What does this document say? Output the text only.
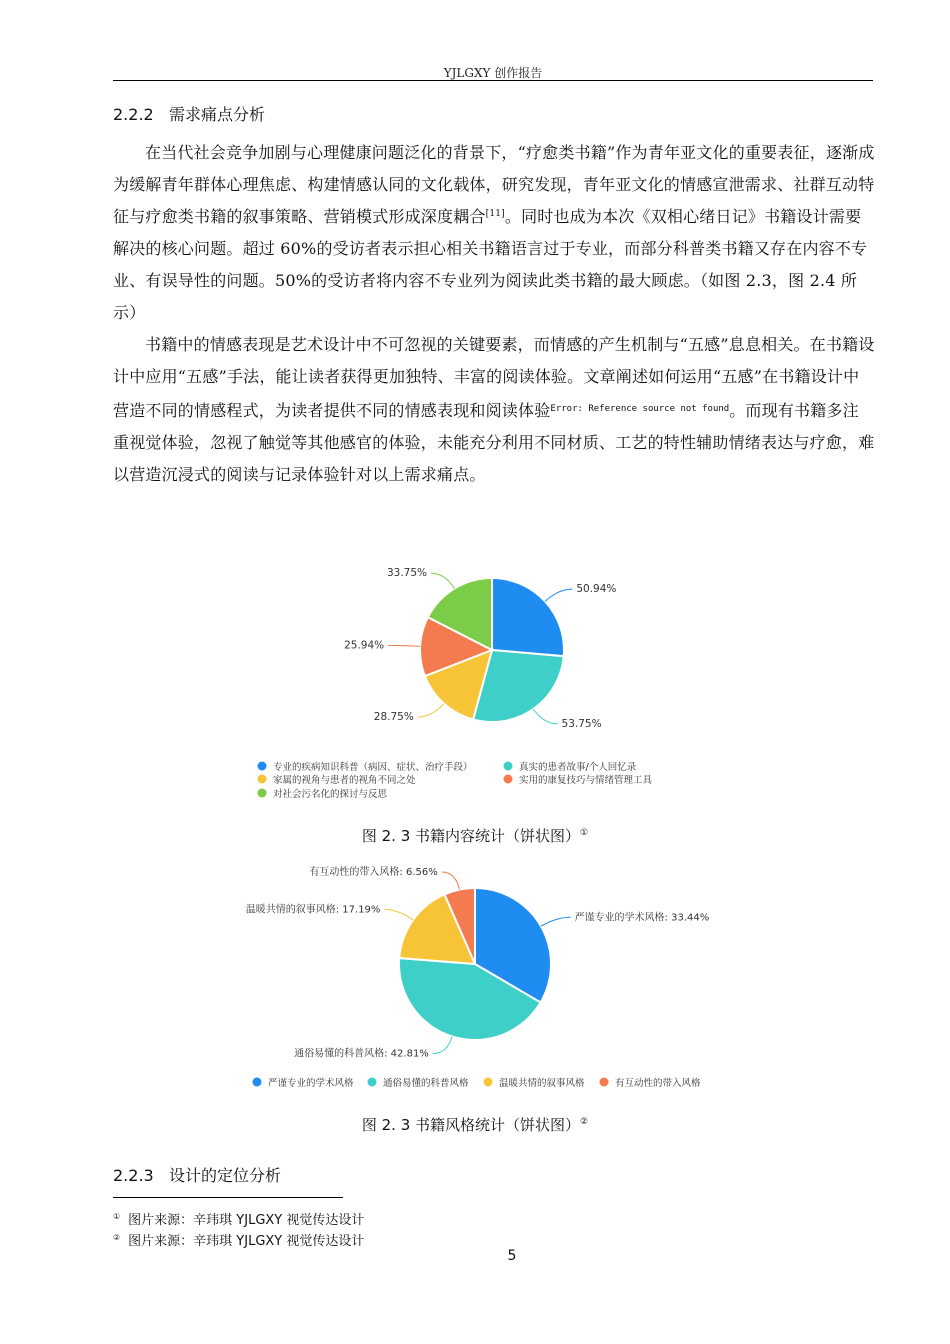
YJLGXY 创作报告
2.2.2 需求痛点分析

在当代社会竞争加剧与心理健康问题泛化的背景下，“疗愈类书籍”作为青年亚文化的重要表征，逐渐成为缓解青年群体心理焦虑、构建情感认同的文化载体，研究发现，青年亚文化的情感宣泄需求、社群互动特征与疗愈类书籍的叙事策略、营销模式形成深度耦合[11]。同时也成为本次《双相心绪日记》书籍设计需要解决的核心问题。超过 60%的受访者表示担心相关书籍语言过于专业，而部分科普类书籍又存在内容不专业、有误导性的问题。50%的受访者将内容不专业列为阅读此类书籍的最大顾虑。（如图 2.3，图 2.4 所示）

书籍中的情感表现是艺术设计中不可忽视的关键要素，而情感的产生机制与“五感”息息相关。在书籍设计中应用“五感”手法，能让读者获得更加独特、丰富的阅读体验。文章阐述如何运用“五感”在书籍设计中营造不同的情感程式，为读者提供不同的情感表现和阅读体验$^{Error: Reference source not found}$。而现有书籍多注重视觉体验，忽视了触觉等其他感官的体验，未能充分利用不同材质、工艺的特性辅助情绪表达与疗愈，难以营造沉浸式的阅读与记录体验针对以上需求痛点。

50.94%
53.75%
28.75%
25.94%
33.75%
专业的疾病知识科普（病因、症状、治疗手段）	真实的患者故事/个人回忆录
家属的视角与患者的视角不同之处	实用的康复技巧与情绪管理工具
对社会污名化的探讨与反思
严谨专业的学术风格: 33.44%
通俗易懂的科普风格: 42.81%
温暖共情的叙事风格: 17.19%
有互动性的带入风格: 6.56%
严谨专业的学术风格	通俗易懂的科普风格	温暖共情的叙事风格	有互动性的带入风格
图 2. 3 书籍内容统计（饼状图）①
图 2. 3 书籍风格统计（饼状图）②
2.2.3 设计的定位分析
① 图片来源：辛玮琪 YJLGXY 视觉传达设计
② 图片来源：辛玮琪 YJLGXY 视觉传达设计
5
